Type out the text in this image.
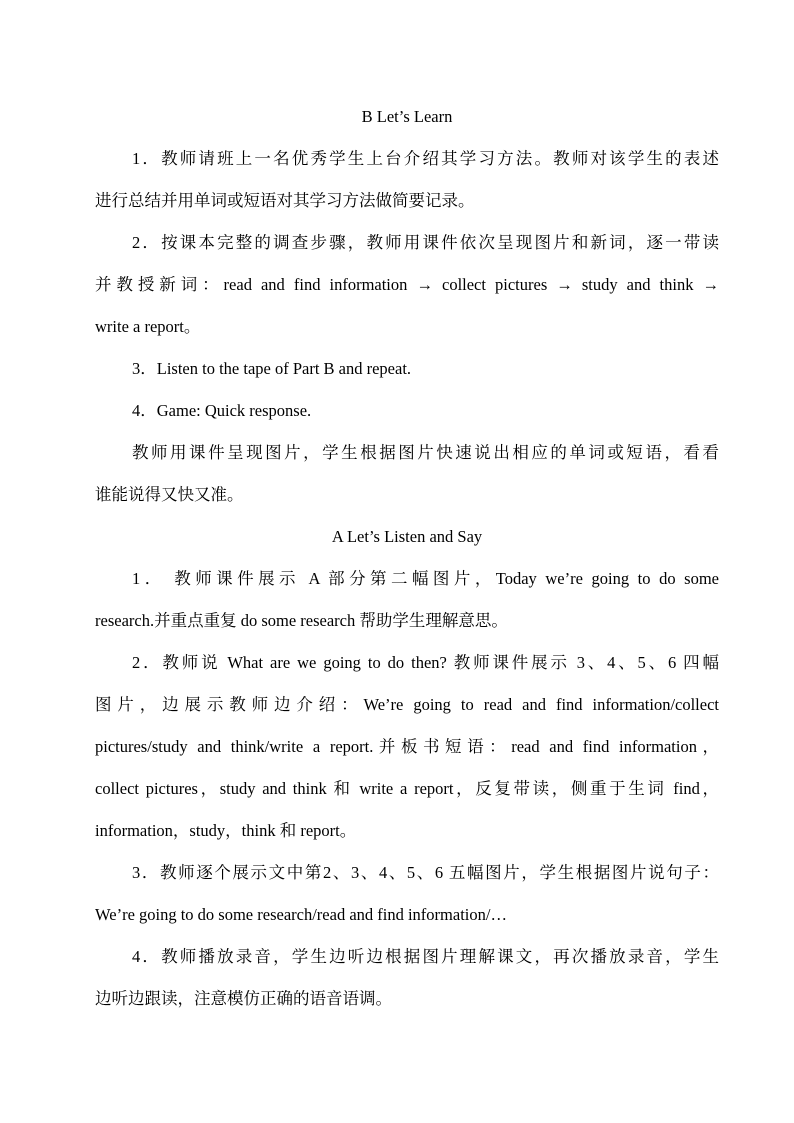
B Let’s Learn
1．教师请班上一名优秀学生上台介绍其学习方法。教师对该学生的表述
进行总结并用单词或短语对其学习方法做简要记录。
2．按课本完整的调查步骤，教师用课件依次呈现图片和新词，逐一带读
并教授新词：read and find information → collect pictures → study and think →
write a report。
3．Listen to the tape of Part B and repeat.
4．Game: Quick response.
教师用课件呈现图片，学生根据图片快速说出相应的单词或短语，看看
谁能说得又快又准。
A Let’s Listen and Say
1． 教师课件展示 A 部分第二幅图片，Today we’re going to do some
research.并重点重复 do some research 帮助学生理解意思。
2．教师说 What are we going to do then? 教师课件展示 3、4、5、6 四幅
图片，边展示教师边介绍：We’re going to read and find information/collect
pictures/study and think/write a report.并板书短语：read and find information，
collect pictures，study and think 和 write a report，反复带读，侧重于生词 find，
information，study，think 和 report。
3．教师逐个展示文中第2、3、4、5、6 五幅图片，学生根据图片说句子：
We’re going to do some research/read and find information/…
4．教师播放录音，学生边听边根据图片理解课文，再次播放录音，学生
边听边跟读，注意模仿正确的语音语调。
